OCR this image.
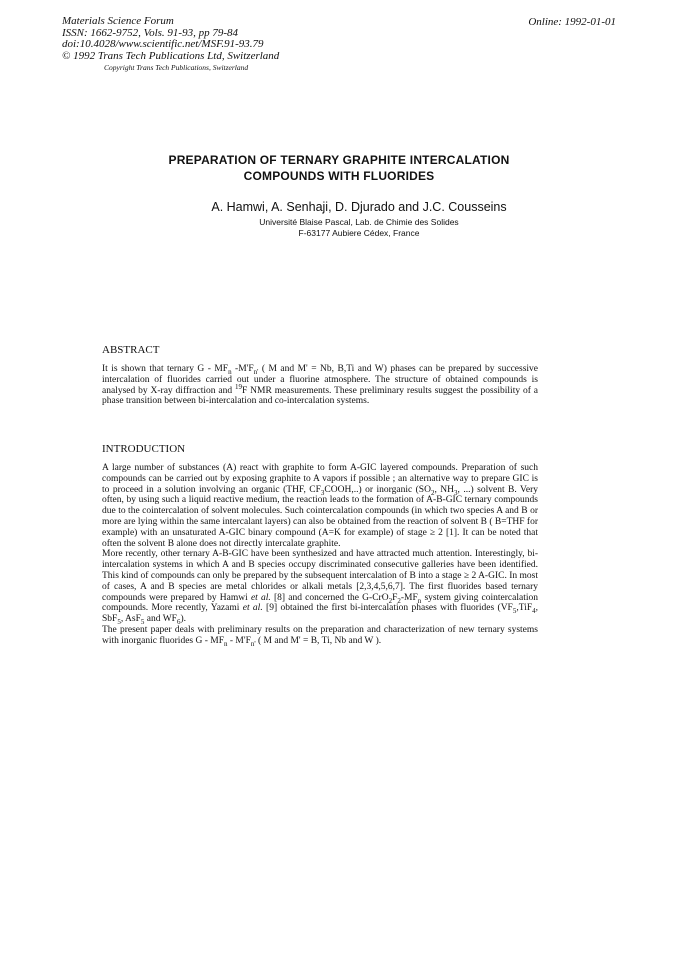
Materials Science Forum
ISSN: 1662-9752, Vols. 91-93, pp 79-84
doi:10.4028/www.scientific.net/MSF.91-93.79
© 1992 Trans Tech Publications Ltd, Switzerland
Copyright Trans Tech Publications, Switzerland
Online: 1992-01-01
PREPARATION OF TERNARY GRAPHITE INTERCALATION
COMPOUNDS WITH FLUORIDES
A. Hamwi, A. Senhaji, D. Djurado and J.C. Cousseins
Université Blaise Pascal, Lab. de Chimie des Solides
F-63177 Aubiere Cédex, France
ABSTRACT

It is shown that ternary G - $MF_n$ $-M'F_{n'}$ ( M and M' = Nb, B,Ti and W) phases can be prepared by successive intercalation of fluorides carried out under a fluorine atmosphere. The structure of obtained compounds is analysed by X-ray diffraction and $^{19}$F NMR measurements. These preliminary results suggest the possibility of a phase transition between bi-intercalation and co-intercalation systems.

INTRODUCTION

A large number of substances (A) react with graphite to form A-GIC layered compounds. Preparation of such compounds can be carried out by exposing graphite to A vapors if possible ; an alternative way to prepare GIC is to proceed in a solution involving an organic (THF, $CF_3COOH$,..) or inorganic ($SO_2$, $NH_3$, ...) solvent B. Very often, by using such a liquid reactive medium, the reaction leads to the formation of A-B-GIC ternary compounds due to the cointercalation of solvent molecules. Such cointercalation compounds (in which two species A and B or more are lying within the same intercalant layers) can also be obtained from the reaction of solvent B ( B=THF for example) with an unsaturated A-GIC binary compound (A=K for example) of stage ≥ 2 [1]. It can be noted that often the solvent B alone does not directly intercalate graphite.

More recently, other ternary A-B-GIC have been synthesized and have attracted much attention. Interestingly, bi-intercalation systems in which A and B species occupy discriminated consecutive galleries have been identified. This kind of compounds can only be prepared by the subsequent intercalation of B into a stage ≥ 2 A-GIC. In most of cases, A and B species are metal chlorides or alkali metals [2,3,4,5,6,7]. The first fluorides based ternary compounds were prepared by Hamwi et al. [8] and concerned the $G-CrO_2F_2-MF_n$ system giving cointercalation compounds. More recently, Yazami et al. [9] obtained the first bi-intercalation phases with fluorides ($VF_5,TiF_4$, SbF$_5$, AsF$_5$ and $WF_6$).

The present paper deals with preliminary results on the preparation and characterization of new ternary systems with inorganic fluorides G - $MF_n - M'F_{n'}$ ( M and M' = B, Ti, Nb and W ).
